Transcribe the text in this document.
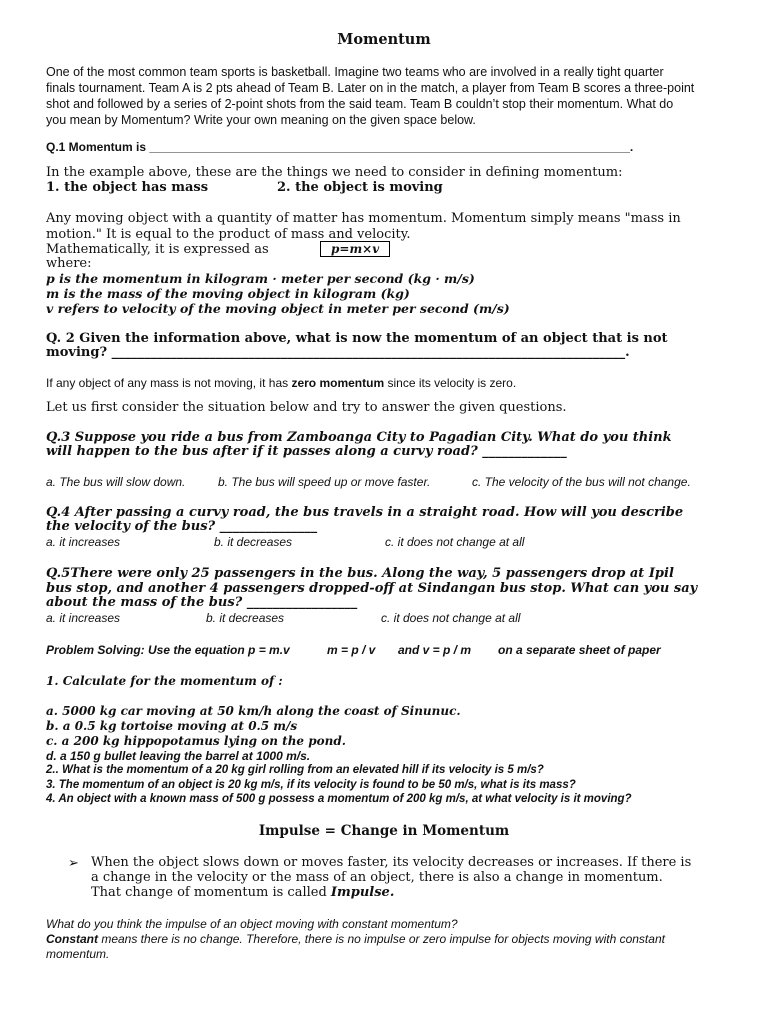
Momentum
One of the most common team sports is basketball. Imagine two teams who are involved in a really tight quarter
finals tournament. Team A is 2 pts ahead of Team B. Later on in the match, a player from Team B scores a three-point
shot and followed by a series of 2-point shots from the said team. Team B couldn’t stop their momentum. What do
you mean by Momentum? Write your own meaning on the given space below.
Q.1 Momentum is ________________________________________________________________________.
In the example above, these are the things we need to consider in defining momentum:
1. the object has mass	2. the object is moving
Any moving object with a quantity of matter has momentum. Momentum simply means "mass in
motion." It is equal to the product of mass and velocity.
Mathematically, it is expressed as	p=m×v
where:
p is the momentum in kilogram · meter per second (kg · m/s)
m is the mass of the moving object in kilogram (kg)
v refers to velocity of the moving object in meter per second (m/s)
Q. 2 Given the information above, what is now the momentum of an object that is not
moving? _______________________________________________________________________________.
If any object of any mass is not moving, it has zero momentum since its velocity is zero.
Let us first consider the situation below and try to answer the given questions.
Q.3 Suppose you ride a bus from Zamboanga City to Pagadian City. What do you think
will happen to the bus after if it passes along a curvy road? _____________
a. The bus will slow down.	b. The bus will speed up or move faster.	c. The velocity of the bus will not change.
Q.4 After passing a curvy road, the bus travels in a straight road. How will you describe
the velocity of the bus? _______________
a. it increases	b. it decreases	c. it does not change at all
Q.5There were only 25 passengers in the bus. Along the way, 5 passengers drop at Ipil
bus stop, and another 4 passengers dropped-off at Sindangan bus stop. What can you say
about the mass of the bus? _________________
a. it increases	b. it decreases	c. it does not change at all
Problem Solving: Use the equation p = m.v	m = p / v and v = p / m on a separate sheet of paper
1. Calculate for the momentum of :
a. 5000 kg car moving at 50 km/h along the coast of Sinunuc.
b. a 0.5 kg tortoise moving at 0.5 m/s
c. a 200 kg hippopotamus lying on the pond.
d. a 150 g bullet leaving the barrel at 1000 m/s.
2.. What is the momentum of a 20 kg girl rolling from an elevated hill if its velocity is 5 m/s?
3. The momentum of an object is 20 kg m/s, if its velocity is found to be 50 m/s, what is its mass?
4. An object with a known mass of 500 g possess a momentum of 200 kg m/s, at what velocity is it moving?
Impulse = Change in Momentum
➢ When the object slows down or moves faster, its velocity decreases or increases. If there is
a change in the velocity or the mass of an object, there is also a change in momentum.
That change of momentum is called Impulse.
What do you think the impulse of an object moving with constant momentum?
Constant means there is no change. Therefore, there is no impulse or zero impulse for objects moving with constant
momentum.
